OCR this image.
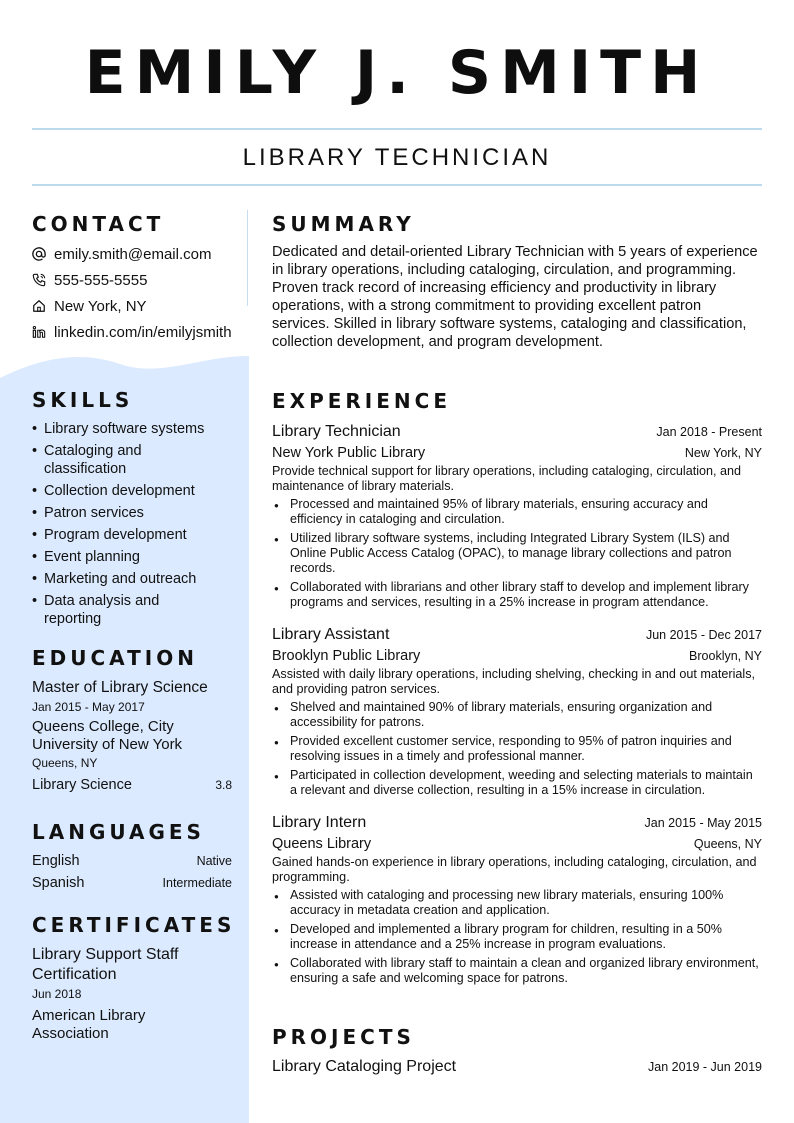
EMILY J. SMITH
LIBRARY TECHNICIAN
CONTACT
emily.smith@email.com
555-555-5555
New York, NY
linkedin.com/in/emilyjsmith
SKILLS
• Library software systems
• Cataloging and classification
• Collection development
• Patron services
• Program development
• Event planning
• Marketing and outreach
• Data analysis and reporting
EDUCATION
Master of Library Science
Jan 2015 - May 2017
Queens College, City University of New York
Queens, NY
Library Science	3.8
LANGUAGES
English	Native
Spanish	Intermediate
CERTIFICATES
Library Support Staff Certification
Jun 2018
American Library Association
SUMMARY

Dedicated and detail-oriented Library Technician with 5 years of experience in library operations, including cataloging, circulation, and programming. Proven track record of increasing efficiency and productivity in library operations, with a strong commitment to providing excellent patron services. Skilled in library software systems, cataloging and classification, collection development, and program development.

EXPERIENCE
Library Technician	Jan 2018 - Present
New York Public Library	New York, NY
Provide technical support for library operations, including cataloging, circulation, and maintenance of library materials.
● Processed and maintained 95% of library materials, ensuring accuracy and efficiency in cataloging and circulation.
● Utilized library software systems, including Integrated Library System (ILS) and Online Public Access Catalog (OPAC), to manage library collections and patron records.
● Collaborated with librarians and other library staff to develop and implement library programs and services, resulting in a 25% increase in program attendance.
Library Assistant	Jun 2015 - Dec 2017
Brooklyn Public Library	Brooklyn, NY
Assisted with daily library operations, including shelving, checking in and out materials, and providing patron services.
● Shelved and maintained 90% of library materials, ensuring organization and accessibility for patrons.
● Provided excellent customer service, responding to 95% of patron inquiries and resolving issues in a timely and professional manner.
● Participated in collection development, weeding and selecting materials to maintain a relevant and diverse collection, resulting in a 15% increase in circulation.
Library Intern	Jan 2015 - May 2015
Queens Library	Queens, NY
Gained hands-on experience in library operations, including cataloging, circulation, and programming.
● Assisted with cataloging and processing new library materials, ensuring 100% accuracy in metadata creation and application.
● Developed and implemented a library program for children, resulting in a 50% increase in attendance and a 25% increase in program evaluations.
● Collaborated with library staff to maintain a clean and organized library environment, ensuring a safe and welcoming space for patrons.
PROJECTS
Library Cataloging Project	Jan 2019 - Jun 2019
